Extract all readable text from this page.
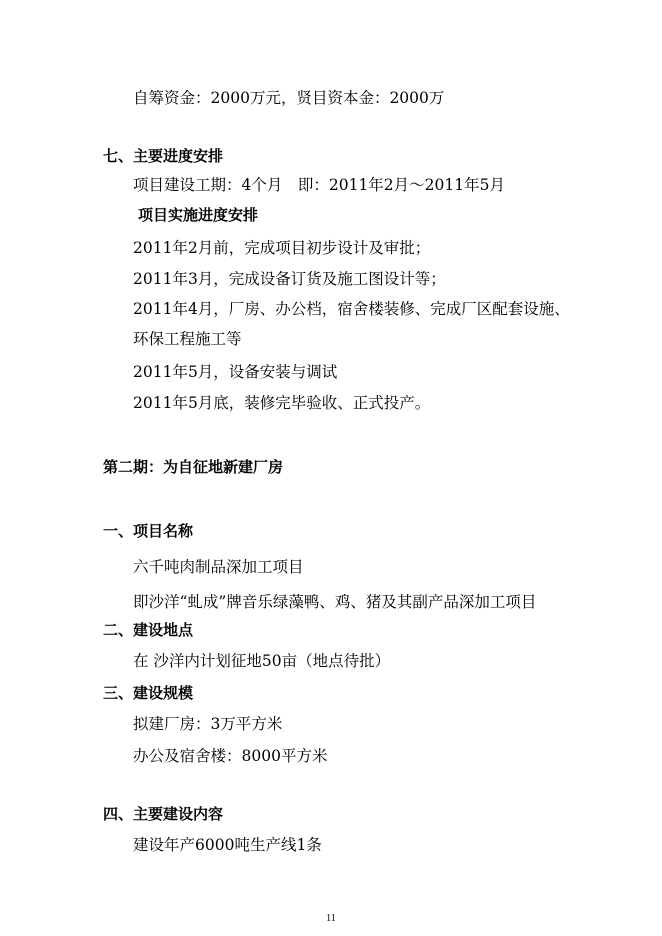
自筹资金：2000万元，贤目资本金：2000万
七、主要进度安排
项目建设工期：4个月　即：2011年2月～2011年5月
项目实施进度安排
2011年2月前，完成项目初步设计及审批；
2011年3月，完成设备订货及施工图设计等；
2011年4月，厂房、办公档，宿舍楼装修、完成厂区配套设施、
环保工程施工等
2011年5月，设备安装与调试
2011年5月底，装修完毕验收、正式投产。
第二期：为自征地新建厂房
一、项目名称
六千吨肉制品深加工项目
即沙洋“虬成”牌音乐绿藻鸭、鸡、猪及其副产品深加工项目
二、建设地点
在 沙洋内计划征地50亩（地点待批）
三、建设规模
拟建厂房：3万平方米
办公及宿舍楼：8000平方米
四、主要建设内容
建设年产6000吨生产线1条
11
